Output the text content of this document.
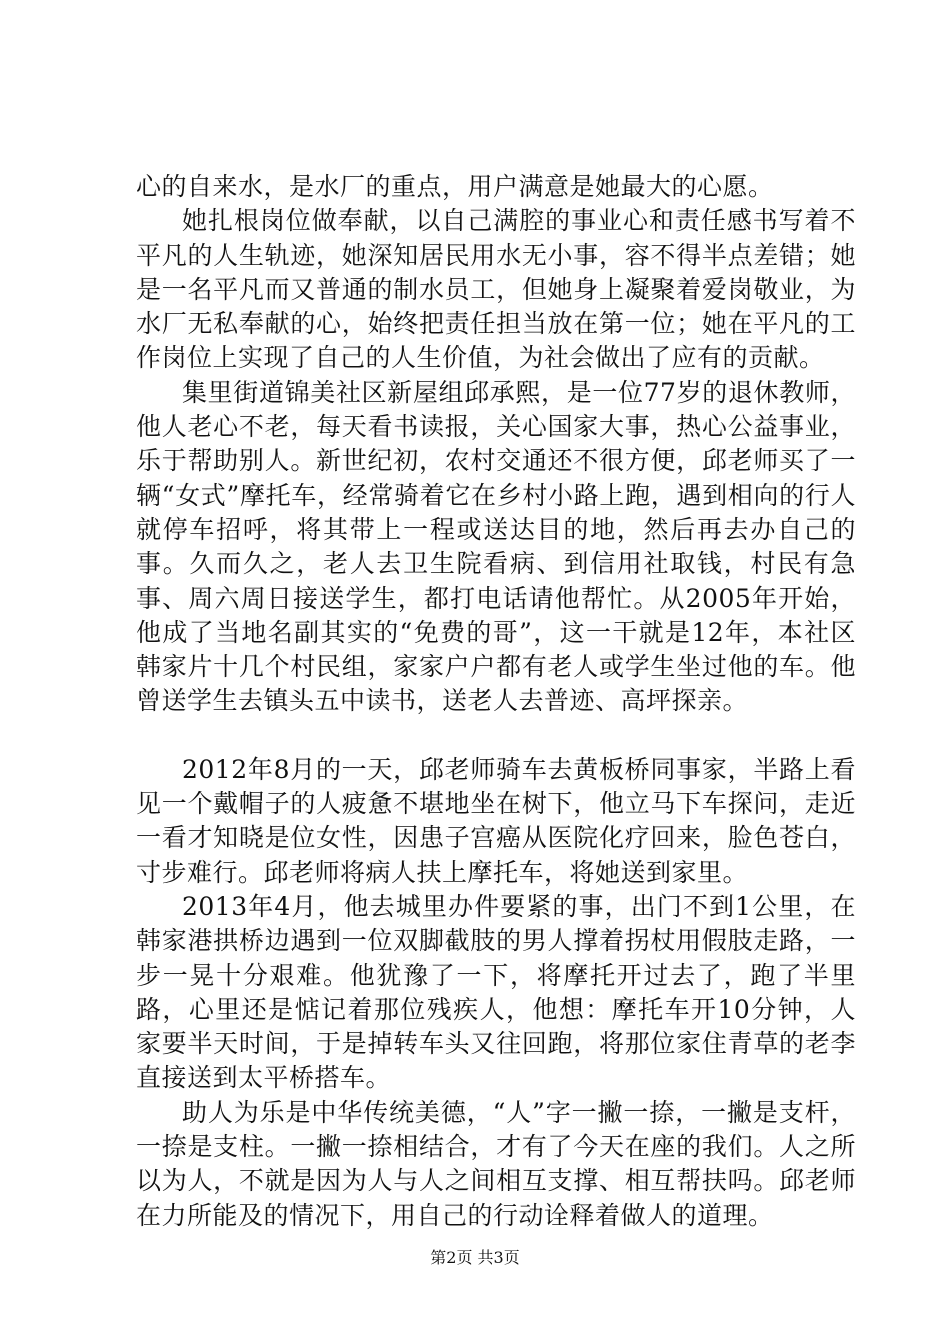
心的自来水，是水厂的重点，用户满意是她最大的心愿。

她扎根岗位做奉献，以自己满腔的事业心和责任感书写着不平凡的人生轨迹，她深知居民用水无小事，容不得半点差错；她是一名平凡而又普通的制水员工，但她身上凝聚着爱岗敬业，为水厂无私奉献的心，始终把责任担当放在第一位；她在平凡的工作岗位上实现了自己的人生价值，为社会做出了应有的贡献。

集里街道锦美社区新屋组邱承熙，是一位77岁的退休教师，他人老心不老，每天看书读报，关心国家大事，热心公益事业，乐于帮助别人。新世纪初，农村交通还不很方便，邱老师买了一辆“女式”摩托车，经常骑着它在乡村小路上跑，遇到相向的行人就停车招呼，将其带上一程或送达目的地，然后再去办自己的事。久而久之，老人去卫生院看病、到信用社取钱，村民有急事、周六周日接送学生，都打电话请他帮忙。从2005年开始，他成了当地名副其实的“免费的哥”，这一干就是12年，本社区韩家片十几个村民组，家家户户都有老人或学生坐过他的车。他曾送学生去镇头五中读书，送老人去普迹、高坪探亲。

2012年8月的一天，邱老师骑车去黄板桥同事家，半路上看见一个戴帽子的人疲惫不堪地坐在树下，他立马下车探问，走近一看才知晓是位女性，因患子宫癌从医院化疗回来，脸色苍白，寸步难行。邱老师将病人扶上摩托车，将她送到家里。

2013年4月，他去城里办件要紧的事，出门不到1公里，在韩家港拱桥边遇到一位双脚截肢的男人撑着拐杖用假肢走路，一步一晃十分艰难。他犹豫了一下，将摩托开过去了，跑了半里路，心里还是惦记着那位残疾人，他想：摩托车开10分钟，人家要半天时间，于是掉转车头又往回跑，将那位家住青草的老李直接送到太平桥搭车。

助人为乐是中华传统美德，“人”字一撇一捺，一撇是支杆，一捺是支柱。一撇一捺相结合，才有了今天在座的我们。人之所以为人，不就是因为人与人之间相互支撑、相互帮扶吗。邱老师在力所能及的情况下，用自己的行动诠释着做人的道理。

第2页 共3页
